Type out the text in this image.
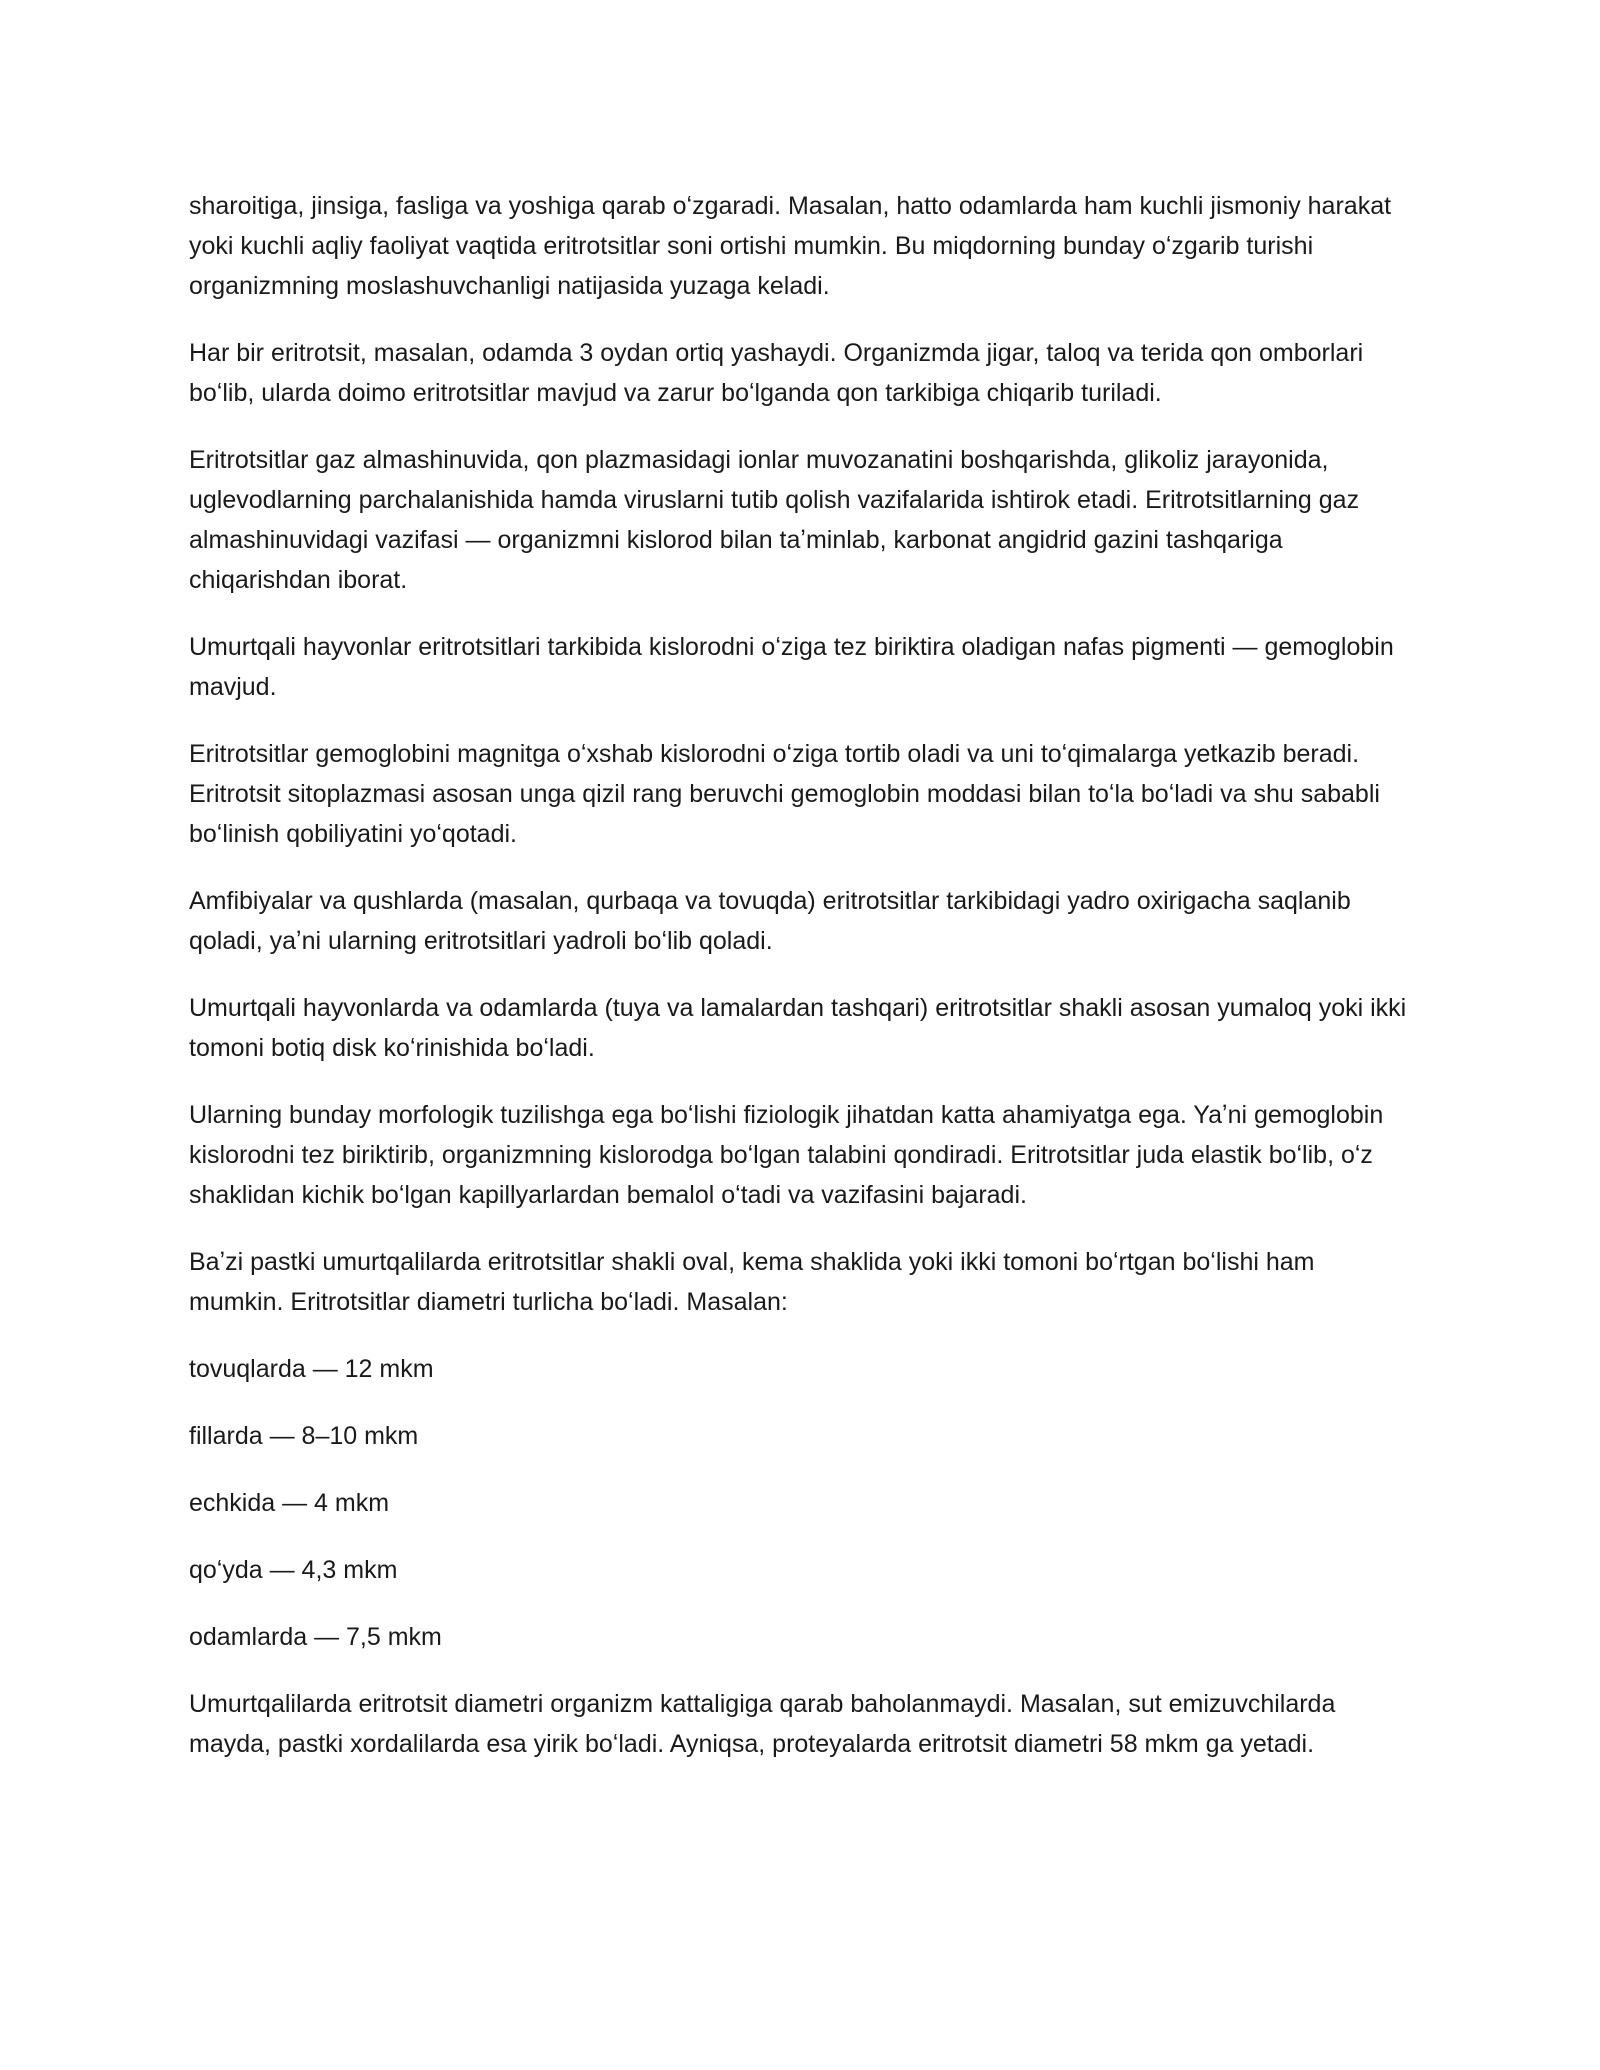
sharoitiga, jinsiga, fasliga va yoshiga qarab oʻzgaradi. Masalan, hatto odamlarda ham kuchli jismoniy harakat yoki kuchli aqliy faoliyat vaqtida eritrotsitlar soni ortishi mumkin. Bu miqdorning bunday oʻzgarib turishi organizmning moslashuvchanligi natijasida yuzaga keladi.

Har bir eritrotsit, masalan, odamda 3 oydan ortiq yashaydi. Organizmda jigar, taloq va terida qon omborlari boʻlib, ularda doimo eritrotsitlar mavjud va zarur boʻlganda qon tarkibiga chiqarib turiladi.

Eritrotsitlar gaz almashinuvida, qon plazmasidagi ionlar muvozanatini boshqarishda, glikoliz jarayonida, uglevodlarning parchalanishida hamda viruslarni tutib qolish vazifalarida ishtirok etadi. Eritrotsitlarning gaz almashinuvidagi vazifasi — organizmni kislorod bilan taʼminlab, karbonat angidrid gazini tashqariga chiqarishdan iborat.

Umurtqali hayvonlar eritrotsitlari tarkibida kislorodni oʻziga tez biriktira oladigan nafas pigmenti — gemoglobin mavjud.

Eritrotsitlar gemoglobini magnitga oʻxshab kislorodni oʻziga tortib oladi va uni toʻqimalarga yetkazib beradi. Eritrotsit sitoplazmasi asosan unga qizil rang beruvchi gemoglobin moddasi bilan toʻla boʻladi va shu sababli boʻlinish qobiliyatini yoʻqotadi.

Amfibiyalar va qushlarda (masalan, qurbaqa va tovuqda) eritrotsitlar tarkibidagi yadro oxirigacha saqlanib qoladi, yaʼni ularning eritrotsitlari yadroli boʻlib qoladi.

Umurtqali hayvonlarda va odamlarda (tuya va lamalardan tashqari) eritrotsitlar shakli asosan yumaloq yoki ikki tomoni botiq disk koʻrinishida boʻladi.

Ularning bunday morfologik tuzilishga ega boʻlishi fiziologik jihatdan katta ahamiyatga ega. Yaʼni gemoglobin kislorodni tez biriktirib, organizmning kislorodga boʻlgan talabini qondiradi. Eritrotsitlar juda elastik boʻlib, oʻz shaklidan kichik boʻlgan kapillyarlardan bemalol oʻtadi va vazifasini bajaradi.

Baʼzi pastki umurtqalilarda eritrotsitlar shakli oval, kema shaklida yoki ikki tomoni boʻrtgan boʻlishi ham mumkin. Eritrotsitlar diametri turlicha boʻladi. Masalan:

tovuqlarda — 12 mkm

fillarda — 8–10 mkm

echkida — 4 mkm

qoʻyda — 4,3 mkm

odamlarda — 7,5 mkm

Umurtqalilarda eritrotsit diametri organizm kattaligiga qarab baholanmaydi. Masalan, sut emizuvchilarda mayda, pastki xordalilarda esa yirik boʻladi. Ayniqsa, proteyalarda eritrotsit diametri 58 mkm ga yetadi.
